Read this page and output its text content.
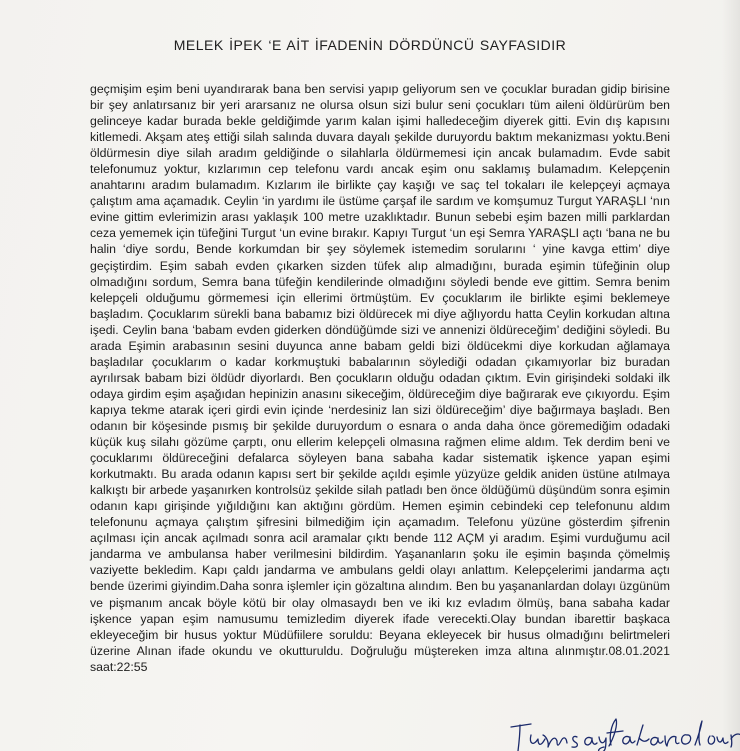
MELEK İPEK ‘E AİT İFADENİN DÖRDÜNCÜ SAYFASIDIR

geçmişim eşim beni uyandırarak bana ben servisi yapıp geliyorum sen ve çocuklar buradan gidip birisine bir şey anlatırsanız bir yeri ararsanız ne olursa olsun sizi bulur seni çocukları tüm aileni öldürürüm ben gelinceye kadar burada bekle geldiğimde yarım kalan işimi halledeceğim diyerek gitti. Evin dış kapısını kitlemedi. Akşam ateş ettiği silah salında duvara dayalı şekilde duruyordu baktım mekanizması yoktu.Beni öldürmesin diye silah aradım geldiğinde o silahlarla öldürmemesi için ancak bulamadım. Evde sabit telefonumuz yoktur, kızlarımın cep telefonu vardı ancak eşim onu saklamış bulamadım. Kelepçenin anahtarını aradım bulamadım. Kızlarım ile birlikte çay kaşığı ve saç tel tokaları ile kelepçeyi açmaya çalıştım ama açamadık. Ceylin ‘in yardımı ile üstüme çarşaf ile sardım ve komşumuz Turgut YARAŞLI ‘nın evine gittim evlerimizin arası yaklaşık 100 metre uzaklıktadır. Bunun sebebi eşim bazen milli parklardan ceza yememek için tüfeğini Turgut ‘un evine bırakır. Kapıyı Turgut ‘un eşi Semra YARAŞLI açtı ‘bana ne bu halin ‘diye sordu, Bende korkumdan bir şey söylemek istemedim sorularını ‘ yine kavga ettim’ diye geçiştirdim. Eşim sabah evden çıkarken sizden tüfek alıp almadığını, burada eşimin tüfeğinin olup olmadığını sordum, Semra bana tüfeğin kendilerinde olmadığını söyledi bende eve gittim. Semra benim kelepçeli olduğumu görmemesi için ellerimi örtmüştüm. Ev çocuklarım ile birlikte eşimi beklemeye başladım. Çocuklarım sürekli bana babamız bizi öldürecek mi diye ağlıyordu hatta Ceylin korkudan altına işedi. Ceylin bana ‘babam evden giderken döndüğümde sizi ve annenizi öldüreceğim’ dediğini söyledi. Bu arada Eşimin arabasının sesini duyunca anne babam geldi bizi öldücekmi diye korkudan ağlamaya başladılar çocuklarım o kadar korkmuştuki babalarının söylediği odadan çıkamıyorlar biz buradan ayrılırsak babam bizi öldüdr diyorlardı. Ben çocukların olduğu odadan çıktım. Evin girişindeki soldaki ilk odaya girdim eşim aşağıdan hepinizin anasını sikeceğim, öldüreceğim diye bağırarak eve çıkıyordu. Eşim kapıya tekme atarak içeri girdi evin içinde ‘nerdesiniz lan sizi öldüreceğim’ diye bağırmaya başladı. Ben odanın bir köşesinde pısmış bir şekilde duruyordum o esnara o anda daha önce göremediğim odadaki küçük kuş silahı gözüme çarptı, onu ellerim kelepçeli olmasına rağmen elime aldım. Tek derdim beni ve çocuklarımı öldüreceğini defalarca söyleyen bana sabaha kadar sistematik işkence yapan eşimi korkutmaktı. Bu arada odanın kapısı sert bir şekilde açıldı eşimle yüzyüze geldik aniden üstüne atılmaya kalkıştı bir arbede yaşanırken kontrolsüz şekilde silah patladı ben önce öldüğümü düşündüm sonra eşimin odanın kapı girişinde yığıldığını kan aktığını gördüm. Hemen eşimin cebindeki cep telefonunu aldım telefonunu açmaya çalıştım şifresini bilmediğim için açamadım. Telefonu yüzüne gösterdim şifrenin açılması için ancak açılmadı sonra acil aramalar çıktı bende 112 AÇM yi aradım. Eşimi vurduğumu acil jandarma ve ambulansa haber verilmesini bildirdim. Yaşananların şoku ile eşimin başında çömelmiş vaziyette bekledim. Kapı çaldı jandarma ve ambulans geldi olayı anlattım. Kelepçelerimi jandarma açtı bende üzerimi giyindim.Daha sonra işlemler için gözaltına alındım. Ben bu yaşananlardan dolayı üzgünüm ve pişmanım ancak böyle kötü bir olay olmasaydı ben ve iki kız evladım ölmüş, bana sabaha kadar işkence yapan eşim namusumu temizledim diyerek ifade verecekti.Olay bundan ibarettir başkaca ekleyeceğim bir husus yoktur Müdüfiilere soruldu: Beyana ekleyecek bir husus olmadığını belirtmeleri üzerine Alınan ifade okundu ve okutturuldu. Doğruluğu müştereken imza altına alınmıştır.08.01.2021 saat:22:55
